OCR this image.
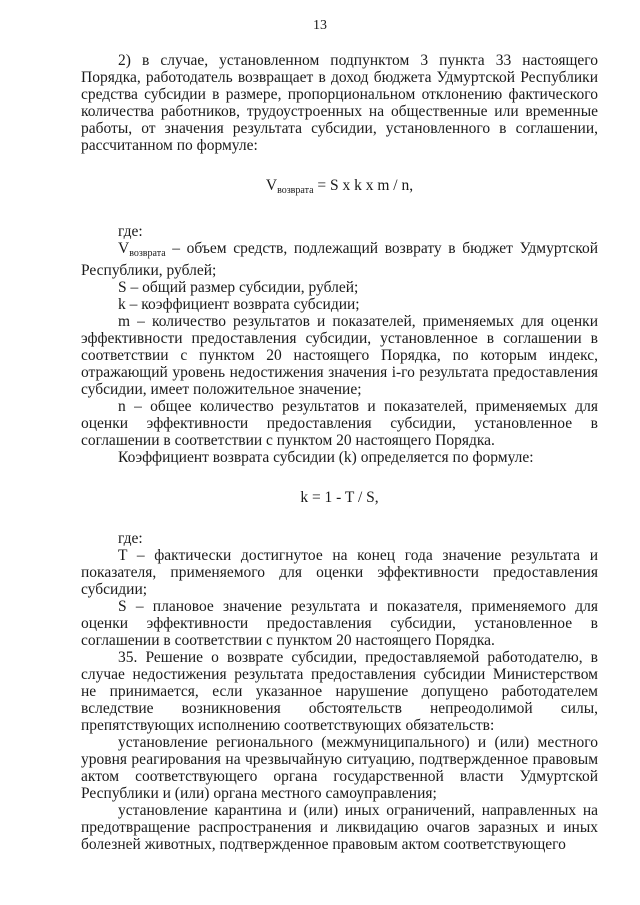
13

2) в случае, установленном подпунктом 3 пункта 33 настоящего Порядка, работодатель возвращает в доход бюджета Удмуртской Республики средства субсидии в размере, пропорциональном отклонению фактического количества работников, трудоустроенных на общественные или временные работы, от значения результата субсидии, установленного в соглашении, рассчитанном по формуле:

$V_{возврата} = S$ x k x m / n,

где:

$V_{возврата}$ – объем средств, подлежащий возврату в бюджет Удмуртской Республики, рублей;

S – общий размер субсидии, рублей;

k – коэффициент возврата субсидии;

m – количество результатов и показателей, применяемых для оценки эффективности предоставления субсидии, установленное в соглашении в соответствии с пунктом 20 настоящего Порядка, по которым индекс, отражающий уровень недостижения значения i-го результата предоставления субсидии, имеет положительное значение;

n – общее количество результатов и показателей, применяемых для оценки эффективности предоставления субсидии, установленное в соглашении в соответствии с пунктом 20 настоящего Порядка.

Коэффициент возврата субсидии (k) определяется по формуле:

k = 1 - T / S,

где:

T – фактически достигнутое на конец года значение результата и показателя, применяемого для оценки эффективности предоставления субсидии;

S – плановое значение результата и показателя, применяемого для оценки эффективности предоставления субсидии, установленное в соглашении в соответствии с пунктом 20 настоящего Порядка.

35. Решение о возврате субсидии, предоставляемой работодателю, в случае недостижения результата предоставления субсидии Министерством не принимается, если указанное нарушение допущено работодателем вследствие возникновения обстоятельств непреодолимой силы, препятствующих исполнению соответствующих обязательств:

установление регионального (межмуниципального) и (или) местного уровня реагирования на чрезвычайную ситуацию, подтвержденное правовым актом соответствующего органа государственной власти Удмуртской Республики и (или) органа местного самоуправления;

установление карантина и (или) иных ограничений, направленных на предотвращение распространения и ликвидацию очагов заразных и иных болезней животных, подтвержденное правовым актом соответствующего
